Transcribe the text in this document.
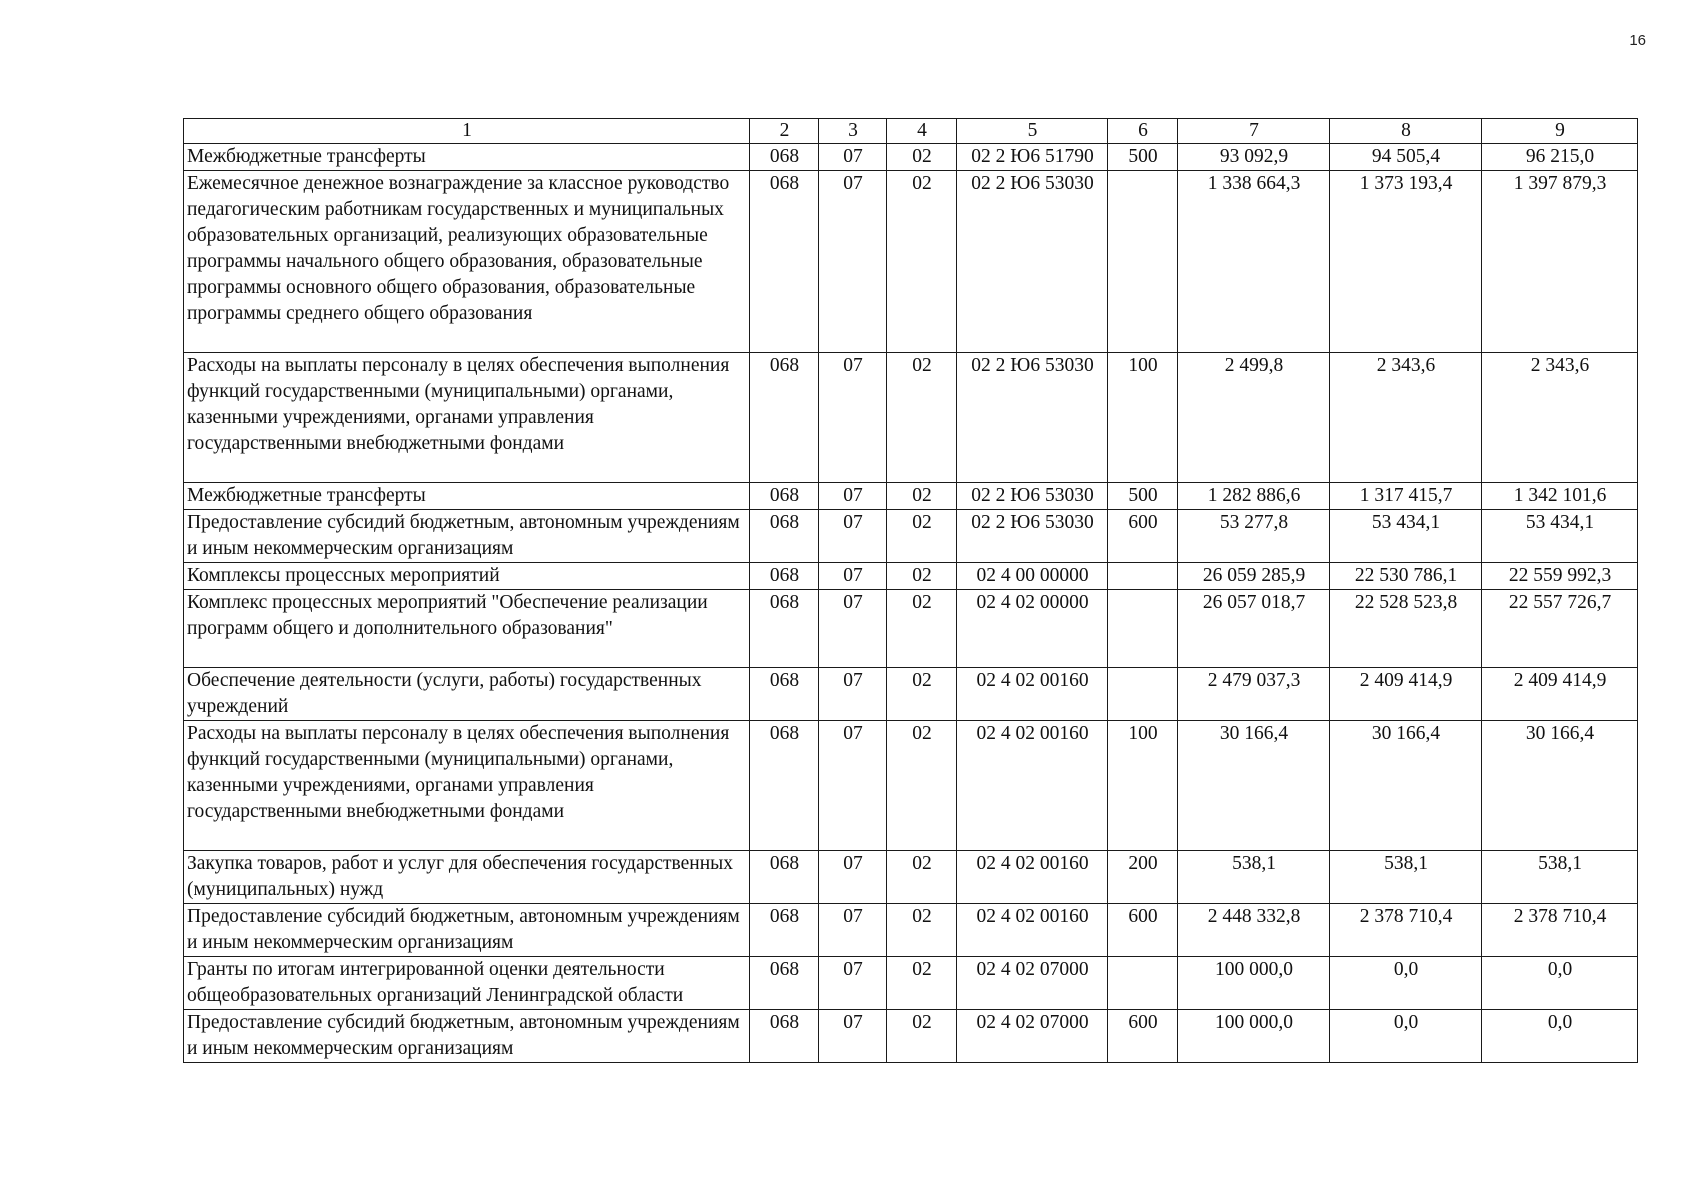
16
1	2	3	4	5	6	7	8	9
Межбюджетные трансферты	068	07	02	02 2 Ю6 51790	500	93 092,9	94 505,4	96 215,0
Ежемесячное денежное вознаграждение за классное руководство педагогическим работникам государственных и муниципальных образовательных организаций, реализующих образовательные программы начального общего образования, образовательные программы основного общего образования, образовательные программы среднего общего образования	068	07	02	02 2 Ю6 53030		1 338 664,3	1 373 193,4	1 397 879,3
Расходы на выплаты персоналу в целях обеспечения выполнения функций государственными (муниципальными) органами, казенными учреждениями, органами управления государственными внебюджетными фондами	068	07	02	02 2 Ю6 53030	100	2 499,8	2 343,6	2 343,6
Межбюджетные трансферты	068	07	02	02 2 Ю6 53030	500	1 282 886,6	1 317 415,7	1 342 101,6
Предоставление субсидий бюджетным, автономным учреждениям и иным некоммерческим организациям	068	07	02	02 2 Ю6 53030	600	53 277,8	53 434,1	53 434,1
Комплексы процессных мероприятий	068	07	02	02 4 00 00000		26 059 285,9	22 530 786,1	22 559 992,3
Комплекс процессных мероприятий "Обеспечение реализации программ общего и дополнительного образования"	068	07	02	02 4 02 00000		26 057 018,7	22 528 523,8	22 557 726,7
Обеспечение деятельности (услуги, работы) государственных учреждений	068	07	02	02 4 02 00160		2 479 037,3	2 409 414,9	2 409 414,9
Расходы на выплаты персоналу в целях обеспечения выполнения функций государственными (муниципальными) органами, казенными учреждениями, органами управления государственными внебюджетными фондами	068	07	02	02 4 02 00160	100	30 166,4	30 166,4	30 166,4
Закупка товаров, работ и услуг для обеспечения государственных (муниципальных) нужд	068	07	02	02 4 02 00160	200	538,1	538,1	538,1
Предоставление субсидий бюджетным, автономным учреждениям и иным некоммерческим организациям	068	07	02	02 4 02 00160	600	2 448 332,8	2 378 710,4	2 378 710,4
Гранты по итогам интегрированной оценки деятельности общеобразовательных организаций Ленинградской области	068	07	02	02 4 02 07000		100 000,0	0,0	0,0
Предоставление субсидий бюджетным, автономным учреждениям и иным некоммерческим организациям	068	07	02	02 4 02 07000	600	100 000,0	0,0	0,0
